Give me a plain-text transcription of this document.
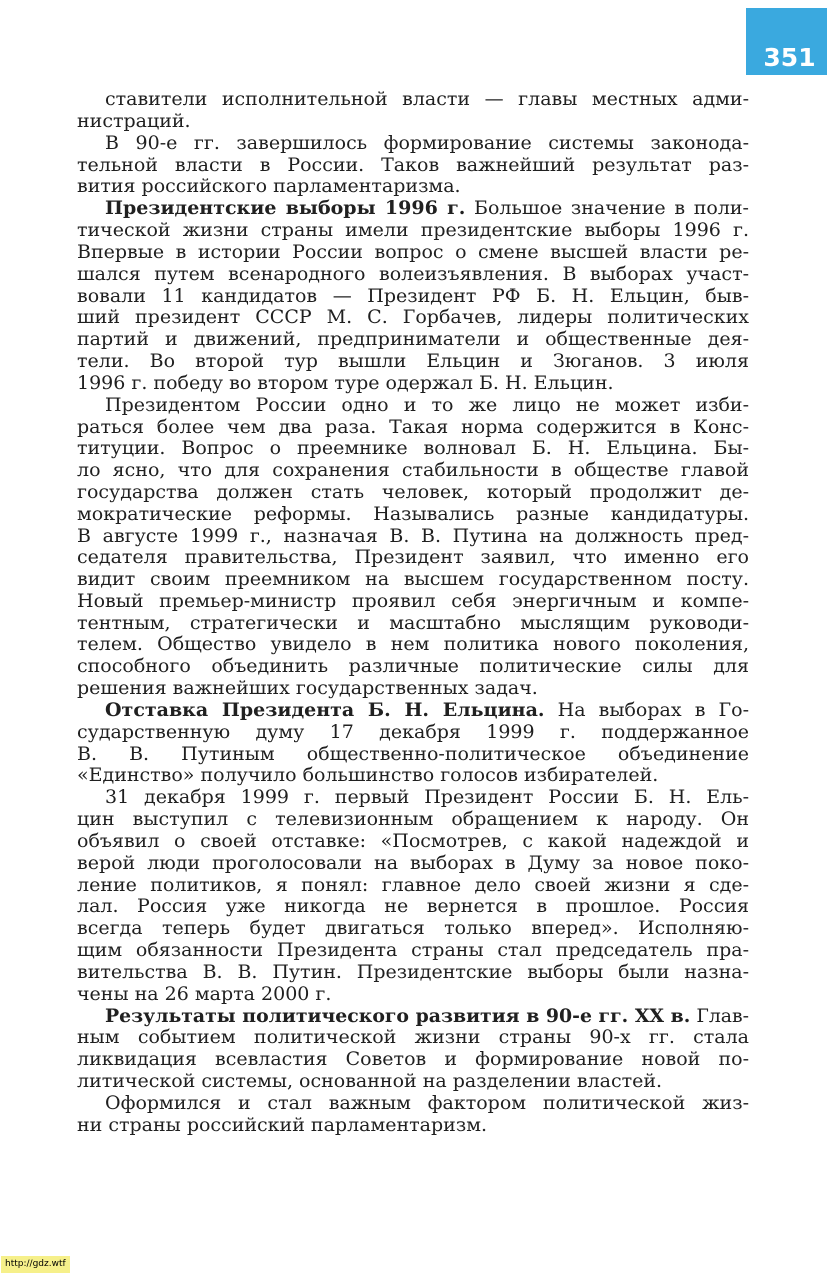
351
ставители исполнительной власти — главы местных адми-
нистраций.
В 90-е гг. завершилось формирование системы законода-
тельной власти в России. Таков важнейший результат раз-
вития российского парламентаризма.
Президентские выборы 1996 г. Большое значение в поли-
тической жизни страны имели президентские выборы 1996 г.
Впервые в истории России вопрос о смене высшей власти ре-
шался путем всенародного волеизъявления. В выборах участ-
вовали 11 кандидатов — Президент РФ Б. Н. Ельцин, быв-
ший президент СССР М. С. Горбачев, лидеры политических
партий и движений, предприниматели и общественные дея-
тели. Во второй тур вышли Ельцин и Зюганов. 3 июля
1996 г. победу во втором туре одержал Б. Н. Ельцин.
Президентом России одно и то же лицо не может изби-
раться более чем два раза. Такая норма содержится в Конс-
титуции. Вопрос о преемнике волновал Б. Н. Ельцина. Бы-
ло ясно, что для сохранения стабильности в обществе главой
государства должен стать человек, который продолжит де-
мократические реформы. Назывались разные кандидатуры.
В августе 1999 г., назначая В. В. Путина на должность пред-
седателя правительства, Президент заявил, что именно его
видит своим преемником на высшем государственном посту.
Новый премьер-министр проявил себя энергичным и компе-
тентным, стратегически и масштабно мыслящим руководи-
телем. Общество увидело в нем политика нового поколения,
способного объединить различные политические силы для
решения важнейших государственных задач.
Отставка Президента Б. Н. Ельцина. На выборах в Го-
сударственную думу 17 декабря 1999 г. поддержанное
В. В. Путиным общественно-политическое объединение
«Единство» получило большинство голосов избирателей.
31 декабря 1999 г. первый Президент России Б. Н. Ель-
цин выступил с телевизионным обращением к народу. Он
объявил о своей отставке: «Посмотрев, с какой надеждой и
верой люди проголосовали на выборах в Думу за новое поко-
ление политиков, я понял: главное дело своей жизни я сде-
лал. Россия уже никогда не вернется в прошлое. Россия
всегда теперь будет двигаться только вперед». Исполняю-
щим обязанности Президента страны стал председатель пра-
вительства В. В. Путин. Президентские выборы были назна-
чены на 26 марта 2000 г.
Результаты политического развития в 90-е гг. XX в. Глав-
ным событием политической жизни страны 90-х гг. стала
ликвидация всевластия Советов и формирование новой по-
литической системы, основанной на разделении властей.
Оформился и стал важным фактором политической жиз-
ни страны российский парламентаризм.
http://gdz.wtf
